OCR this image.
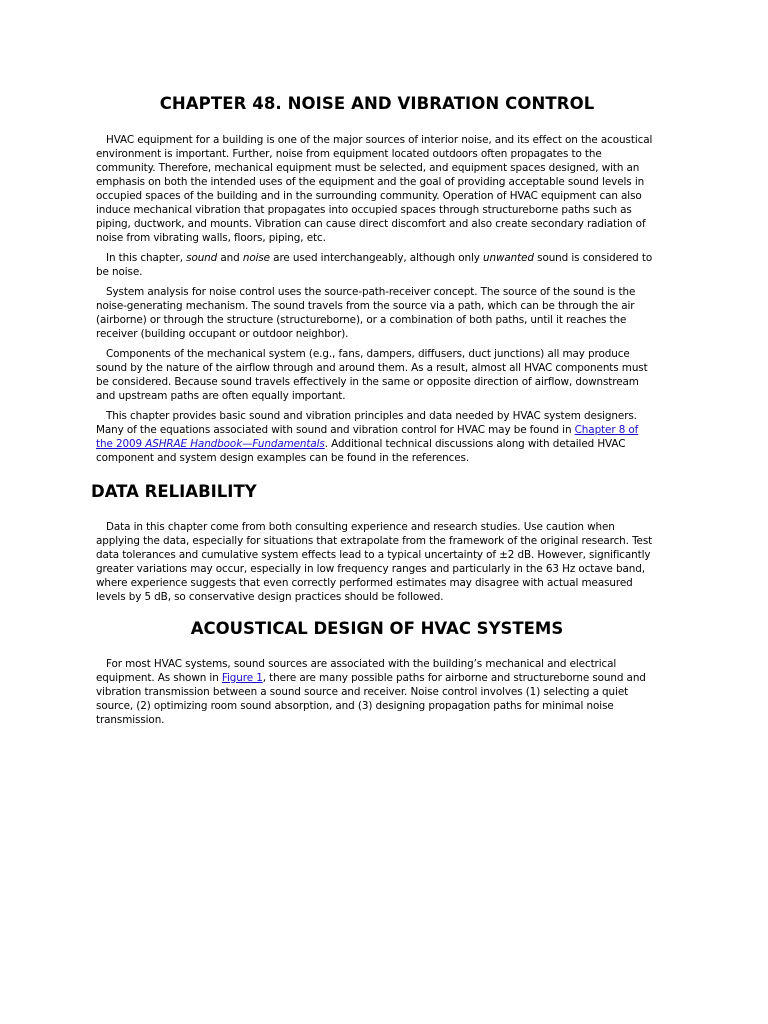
CHAPTER 48. NOISE AND VIBRATION CONTROL

HVAC equipment for a building is one of the major sources of interior noise, and its effect on the acoustical environment is important. Further, noise from equipment located outdoors often propagates to the community. Therefore, mechanical equipment must be selected, and equipment spaces designed, with an emphasis on both the intended uses of the equipment and the goal of providing acceptable sound levels in occupied spaces of the building and in the surrounding community. Operation of HVAC equipment can also induce mechanical vibration that propagates into occupied spaces through structureborne paths such as piping, ductwork, and mounts. Vibration can cause direct discomfort and also create secondary radiation of noise from vibrating walls, floors, piping, etc.

In this chapter, sound and noise are used interchangeably, although only unwanted sound is considered to be noise.

System analysis for noise control uses the source-path-receiver concept. The source of the sound is the noise-generating mechanism. The sound travels from the source via a path, which can be through the air (airborne) or through the structure (structureborne), or a combination of both paths, until it reaches the receiver (building occupant or outdoor neighbor).

Components of the mechanical system (e.g., fans, dampers, diffusers, duct junctions) all may produce sound by the nature of the airflow through and around them. As a result, almost all HVAC components must be considered. Because sound travels effectively in the same or opposite direction of airflow, downstream and upstream paths are often equally important.

This chapter provides basic sound and vibration principles and data needed by HVAC system designers. Many of the equations associated with sound and vibration control for HVAC may be found in Chapter 8 of the 2009 ASHRAE Handbook—Fundamentals. Additional technical discussions along with detailed HVAC component and system design examples can be found in the references.

DATA RELIABILITY

Data in this chapter come from both consulting experience and research studies. Use caution when applying the data, especially for situations that extrapolate from the framework of the original research. Test data tolerances and cumulative system effects lead to a typical uncertainty of ±2 dB. However, significantly greater variations may occur, especially in low frequency ranges and particularly in the 63 Hz octave band, where experience suggests that even correctly performed estimates may disagree with actual measured levels by 5 dB, so conservative design practices should be followed.

ACOUSTICAL DESIGN OF HVAC SYSTEMS

For most HVAC systems, sound sources are associated with the building’s mechanical and electrical equipment. As shown in Figure 1, there are many possible paths for airborne and structureborne sound and vibration transmission between a sound source and receiver. Noise control involves (1) selecting a quiet source, (2) optimizing room sound absorption, and (3) designing propagation paths for minimal noise transmission.
